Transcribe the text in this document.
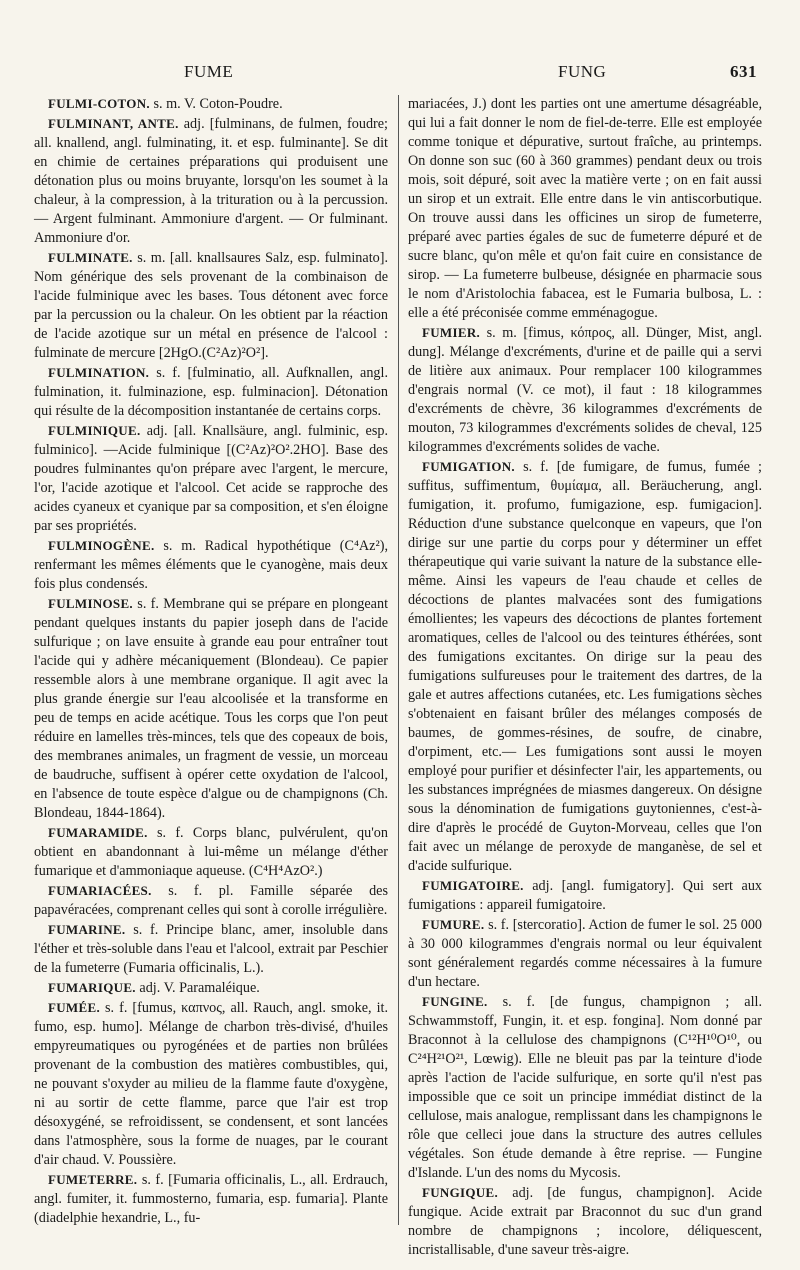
FUME	FUNG	631

FULMI-COTON. s. m. V. Coton-Poudre.

FULMINANT, ANTE. adj. [fulminans, de fulmen, foudre; all. knallend, angl. fulminating, it. et esp. fulminante]. Se dit en chimie de certaines préparations qui produisent une détonation plus ou moins bruyante, lorsqu'on les soumet à la chaleur, à la compression, à la trituration ou à la percussion. — Argent fulminant. Ammoniure d'argent. — Or fulminant. Ammoniure d'or.

FULMINATE. s. m. [all. knallsaures Salz, esp. fulminato]. Nom générique des sels provenant de la combinaison de l'acide fulminique avec les bases. Tous détonent avec force par la percussion ou la chaleur. On les obtient par la réaction de l'acide azotique sur un métal en présence de l'alcool : fulminate de mercure [2HgO.(C²Az)²O²].

FULMINATION. s. f. [fulminatio, all. Aufknallen, angl. fulmination, it. fulminazione, esp. fulminacion]. Détonation qui résulte de la décomposition instantanée de certains corps.

FULMINIQUE. adj. [all. Knallsäure, angl. fulminic, esp. fulminico]. —Acide fulminique [(C²Az)²O².2HO]. Base des poudres fulminantes qu'on prépare avec l'argent, le mercure, l'or, l'acide azotique et l'alcool. Cet acide se rapproche des acides cyaneux et cyanique par sa composition, et s'en éloigne par ses propriétés.

FULMINOGÈNE. s. m. Radical hypothétique (C⁴Az²), renfermant les mêmes éléments que le cyanogène, mais deux fois plus condensés.

FULMINOSE. s. f. Membrane qui se prépare en plongeant pendant quelques instants du papier joseph dans de l'acide sulfurique ; on lave ensuite à grande eau pour entraîner tout l'acide qui y adhère mécaniquement (Blondeau). Ce papier ressemble alors à une membrane organique. Il agit avec la plus grande énergie sur l'eau alcoolisée et la transforme en peu de temps en acide acétique. Tous les corps que l'on peut réduire en lamelles très-minces, tels que des copeaux de bois, des membranes animales, un fragment de vessie, un morceau de baudruche, suffisent à opérer cette oxydation de l'alcool, en l'absence de toute espèce d'algue ou de champignons (Ch. Blondeau, 1844-1864).

FUMARAMIDE. s. f. Corps blanc, pulvérulent, qu'on obtient en abandonnant à lui-même un mélange d'éther fumarique et d'ammoniaque aqueuse. (C⁴H⁴AzO².)

FUMARIACÉES. s. f. pl. Famille séparée des papavéracées, comprenant celles qui sont à corolle irrégulière.

FUMARINE. s. f. Principe blanc, amer, insoluble dans l'éther et très-soluble dans l'eau et l'alcool, extrait par Peschier de la fumeterre (Fumaria officinalis, L.).

FUMARIQUE. adj. V. Paramaléique.

FUMÉE. s. f. [fumus, καπνος, all. Rauch, angl. smoke, it. fumo, esp. humo]. Mélange de charbon très-divisé, d'huiles empyreumatiques ou pyrogénées et de parties non brûlées provenant de la combustion des matières combustibles, qui, ne pouvant s'oxyder au milieu de la flamme faute d'oxygène, ni au sortir de cette flamme, parce que l'air est trop désoxygéné, se refroidissent, se condensent, et sont lancées dans l'atmosphère, sous la forme de nuages, par le courant d'air chaud. V. Poussière.

FUMETERRE. s. f. [Fumaria officinalis, L., all. Erdrauch, angl. fumiter, it. fummosterno, fumaria, esp. fumaria]. Plante (diadelphie hexandrie, L., fu-

mariacées, J.) dont les parties ont une amertume désagréable, qui lui a fait donner le nom de fiel-de-terre. Elle est employée comme tonique et dépurative, surtout fraîche, au printemps. On donne son suc (60 à 360 grammes) pendant deux ou trois mois, soit dépuré, soit avec la matière verte ; on en fait aussi un sirop et un extrait. Elle entre dans le vin antiscorbutique. On trouve aussi dans les officines un sirop de fumeterre, préparé avec parties égales de suc de fumeterre dépuré et de sucre blanc, qu'on mêle et qu'on fait cuire en consistance de sirop. — La fumeterre bulbeuse, désignée en pharmacie sous le nom d'Aristolochia fabacea, est le Fumaria bulbosa, L. : elle a été préconisée comme emménagogue.

FUMIER. s. m. [fimus, κόπρος, all. Dünger, Mist, angl. dung]. Mélange d'excréments, d'urine et de paille qui a servi de litière aux animaux. Pour remplacer 100 kilogrammes d'engrais normal (V. ce mot), il faut : 18 kilogrammes d'excréments de chèvre, 36 kilogrammes d'excréments de mouton, 73 kilogrammes d'excréments solides de cheval, 125 kilogrammes d'excréments solides de vache.

FUMIGATION. s. f. [de fumigare, de fumus, fumée ; suffitus, suffimentum, θυμίαμα, all. Beräucherung, angl. fumigation, it. profumo, fumigazione, esp. fumigacion]. Réduction d'une substance quelconque en vapeurs, que l'on dirige sur une partie du corps pour y déterminer un effet thérapeutique qui varie suivant la nature de la substance elle-même. Ainsi les vapeurs de l'eau chaude et celles de décoctions de plantes malvacées sont des fumigations émollientes; les vapeurs des décoctions de plantes fortement aromatiques, celles de l'alcool ou des teintures éthérées, sont des fumigations excitantes. On dirige sur la peau des fumigations sulfureuses pour le traitement des dartres, de la gale et autres affections cutanées, etc. Les fumigations sèches s'obtenaient en faisant brûler des mélanges composés de baumes, de gommes-résines, de soufre, de cinabre, d'orpiment, etc.— Les fumigations sont aussi le moyen employé pour purifier et désinfecter l'air, les appartements, ou les substances imprégnées de miasmes dangereux. On désigne sous la dénomination de fumigations guytoniennes, c'est-à-dire d'après le procédé de Guyton-Morveau, celles que l'on fait avec un mélange de peroxyde de manganèse, de sel et d'acide sulfurique.

FUMIGATOIRE. adj. [angl. fumigatory]. Qui sert aux fumigations : appareil fumigatoire.

FUMURE. s. f. [stercoratio]. Action de fumer le sol. 25 000 à 30 000 kilogrammes d'engrais normal ou leur équivalent sont généralement regardés comme nécessaires à la fumure d'un hectare.

FUNGINE. s. f. [de fungus, champignon ; all. Schwammstoff, Fungin, it. et esp. fongina]. Nom donné par Braconnot à la cellulose des champignons (C¹²H¹⁰O¹⁰, ou C²⁴H²¹O²¹, Lœwig). Elle ne bleuit pas par la teinture d'iode après l'action de l'acide sulfurique, en sorte qu'il n'est pas impossible que ce soit un principe immédiat distinct de la cellulose, mais analogue, remplissant dans les champignons le rôle que celleci joue dans la structure des autres cellules végétales. Son étude demande à être reprise. — Fungine d'Islande. L'un des noms du Mycosis.

FUNGIQUE. adj. [de fungus, champignon]. Acide fungique. Acide extrait par Braconnot du suc d'un grand nombre de champignons ; incolore, déliquescent, incristallisable, d'une saveur très-aigre.
